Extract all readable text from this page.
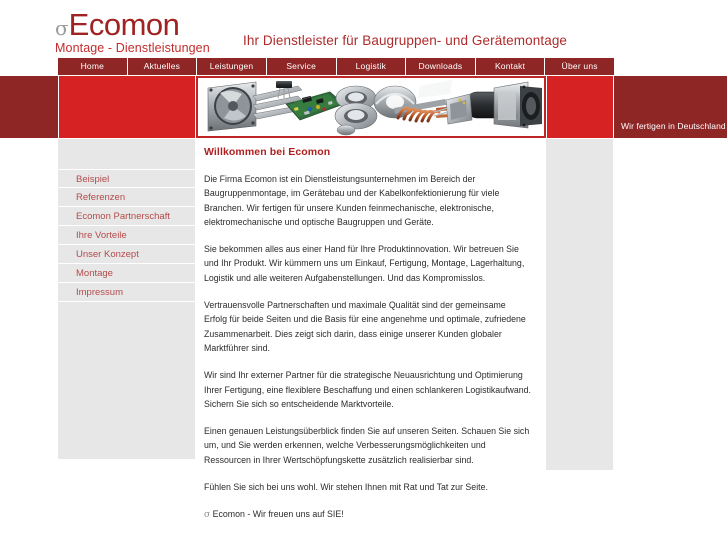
σEcomon
Montage - Dienstleistungen	Ihr Dienstleister für Baugruppen- und Gerätemontage
Home	Aktuelles	Leistungen	Service	Logistik	Downloads	Kontakt	Über uns

Wir fertigen in Deutschland
Beispiel
Referenzen
Ecomon Partnerschaft
Ihre Vorteile
Unser Konzept
Montage
Impressum
Willkommen bei Ecomon

Die Firma Ecomon ist ein Dienstleistungsunternehmen im Bereich der Baugruppenmontage, im Gerätebau und der Kabelkonfektionierung für viele Branchen. Wir fertigen für unsere Kunden feinmechanische, elektronische, elektromechanische und optische Baugruppen und Geräte.

Sie bekommen alles aus einer Hand für Ihre Produktinnovation. Wir betreuen Sie und Ihr Produkt. Wir kümmern uns um Einkauf, Fertigung, Montage, Lagerhaltung, Logistik und alle weiteren Aufgabenstellungen. Und das Kompromisslos.

Vertrauensvolle Partnerschaften und maximale Qualität sind der gemeinsame Erfolg für beide Seiten und die Basis für eine angenehme und optimale, zufriedene Zusammenarbeit. Dies zeigt sich darin, dass einige unserer Kunden globaler Marktführer sind.

Wir sind Ihr externer Partner für die strategische Neuausrichtung und Optimierung Ihrer Fertigung, eine flexiblere Beschaffung und einen schlankeren Logistikaufwand. Sichern Sie sich so entscheidende Marktvorteile.

Einen genauen Leistungsüberblick finden Sie auf unseren Seiten. Schauen Sie sich um, und Sie werden erkennen, welche Verbesserungsmöglichkeiten und Ressourcen in Ihrer Wertschöpfungskette zusätzlich realisierbar sind.

Fühlen Sie sich bei uns wohl. Wir stehen Ihnen mit Rat und Tat zur Seite.

σ Ecomon - Wir freuen uns auf SIE!
